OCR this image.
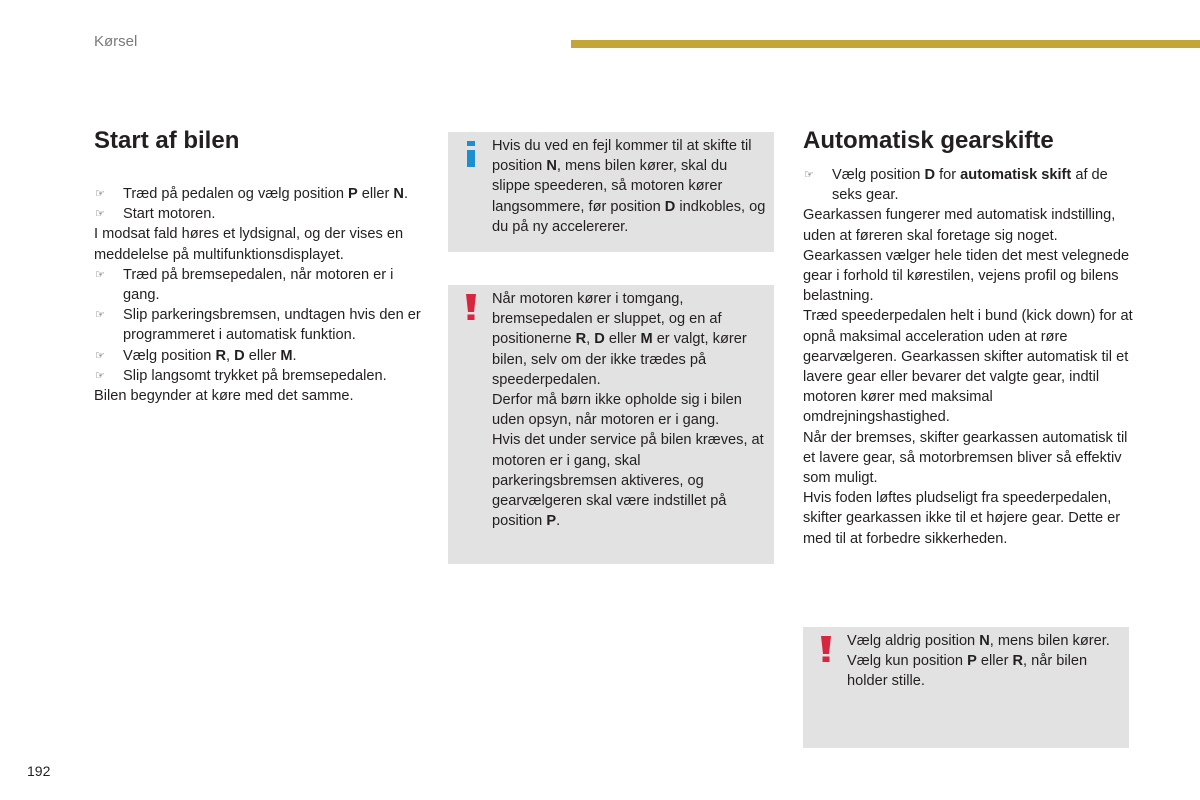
Kørsel
Start af bilen

☞ Træd på pedalen og vælg position P eller N.

☞ Start motoren.

I modsat fald høres et lydsignal, og der vises en meddelelse på multifunktionsdisplayet.

☞ Træd på bremsepedalen, når motoren er i gang.

☞ Slip parkeringsbremsen, undtagen hvis den er programmeret i automatisk funktion.

☞ Vælg position R, D eller M.

☞ Slip langsomt trykket på bremsepedalen.

Bilen begynder at køre med det samme.

Hvis du ved en fejl kommer til at skifte til position N, mens bilen kører, skal du slippe speederen, så motoren kører langsommere, før position D indkobles, og du på ny accelererer.

Når motoren kører i tomgang, bremsepedalen er sluppet, og en af positionerne R, D eller M er valgt, kører bilen, selv om der ikke trædes på speederpedalen.

Derfor må børn ikke opholde sig i bilen uden opsyn, når motoren er i gang.

Hvis det under service på bilen kræves, at motoren er i gang, skal parkeringsbremsen aktiveres, og gearvælgeren skal være indstillet på position P.

Automatisk gearskifte

☞ Vælg position D for automatisk skift af de seks gear.

Gearkassen fungerer med automatisk indstilling, uden at føreren skal foretage sig noget. Gearkassen vælger hele tiden det mest velegnede gear i forhold til kørestilen, vejens profil og bilens belastning.

Træd speederpedalen helt i bund (kick down) for at opnå maksimal acceleration uden at røre gearvælgeren. Gearkassen skifter automatisk til et lavere gear eller bevarer det valgte gear, indtil motoren kører med maksimal omdrejningshastighed.

Når der bremses, skifter gearkassen automatisk til et lavere gear, så motorbremsen bliver så effektiv som muligt.

Hvis foden løftes pludseligt fra speederpedalen, skifter gearkassen ikke til et højere gear. Dette er med til at forbedre sikkerheden.

Vælg aldrig position N, mens bilen kører.

Vælg kun position P eller R, når bilen holder stille.

192
